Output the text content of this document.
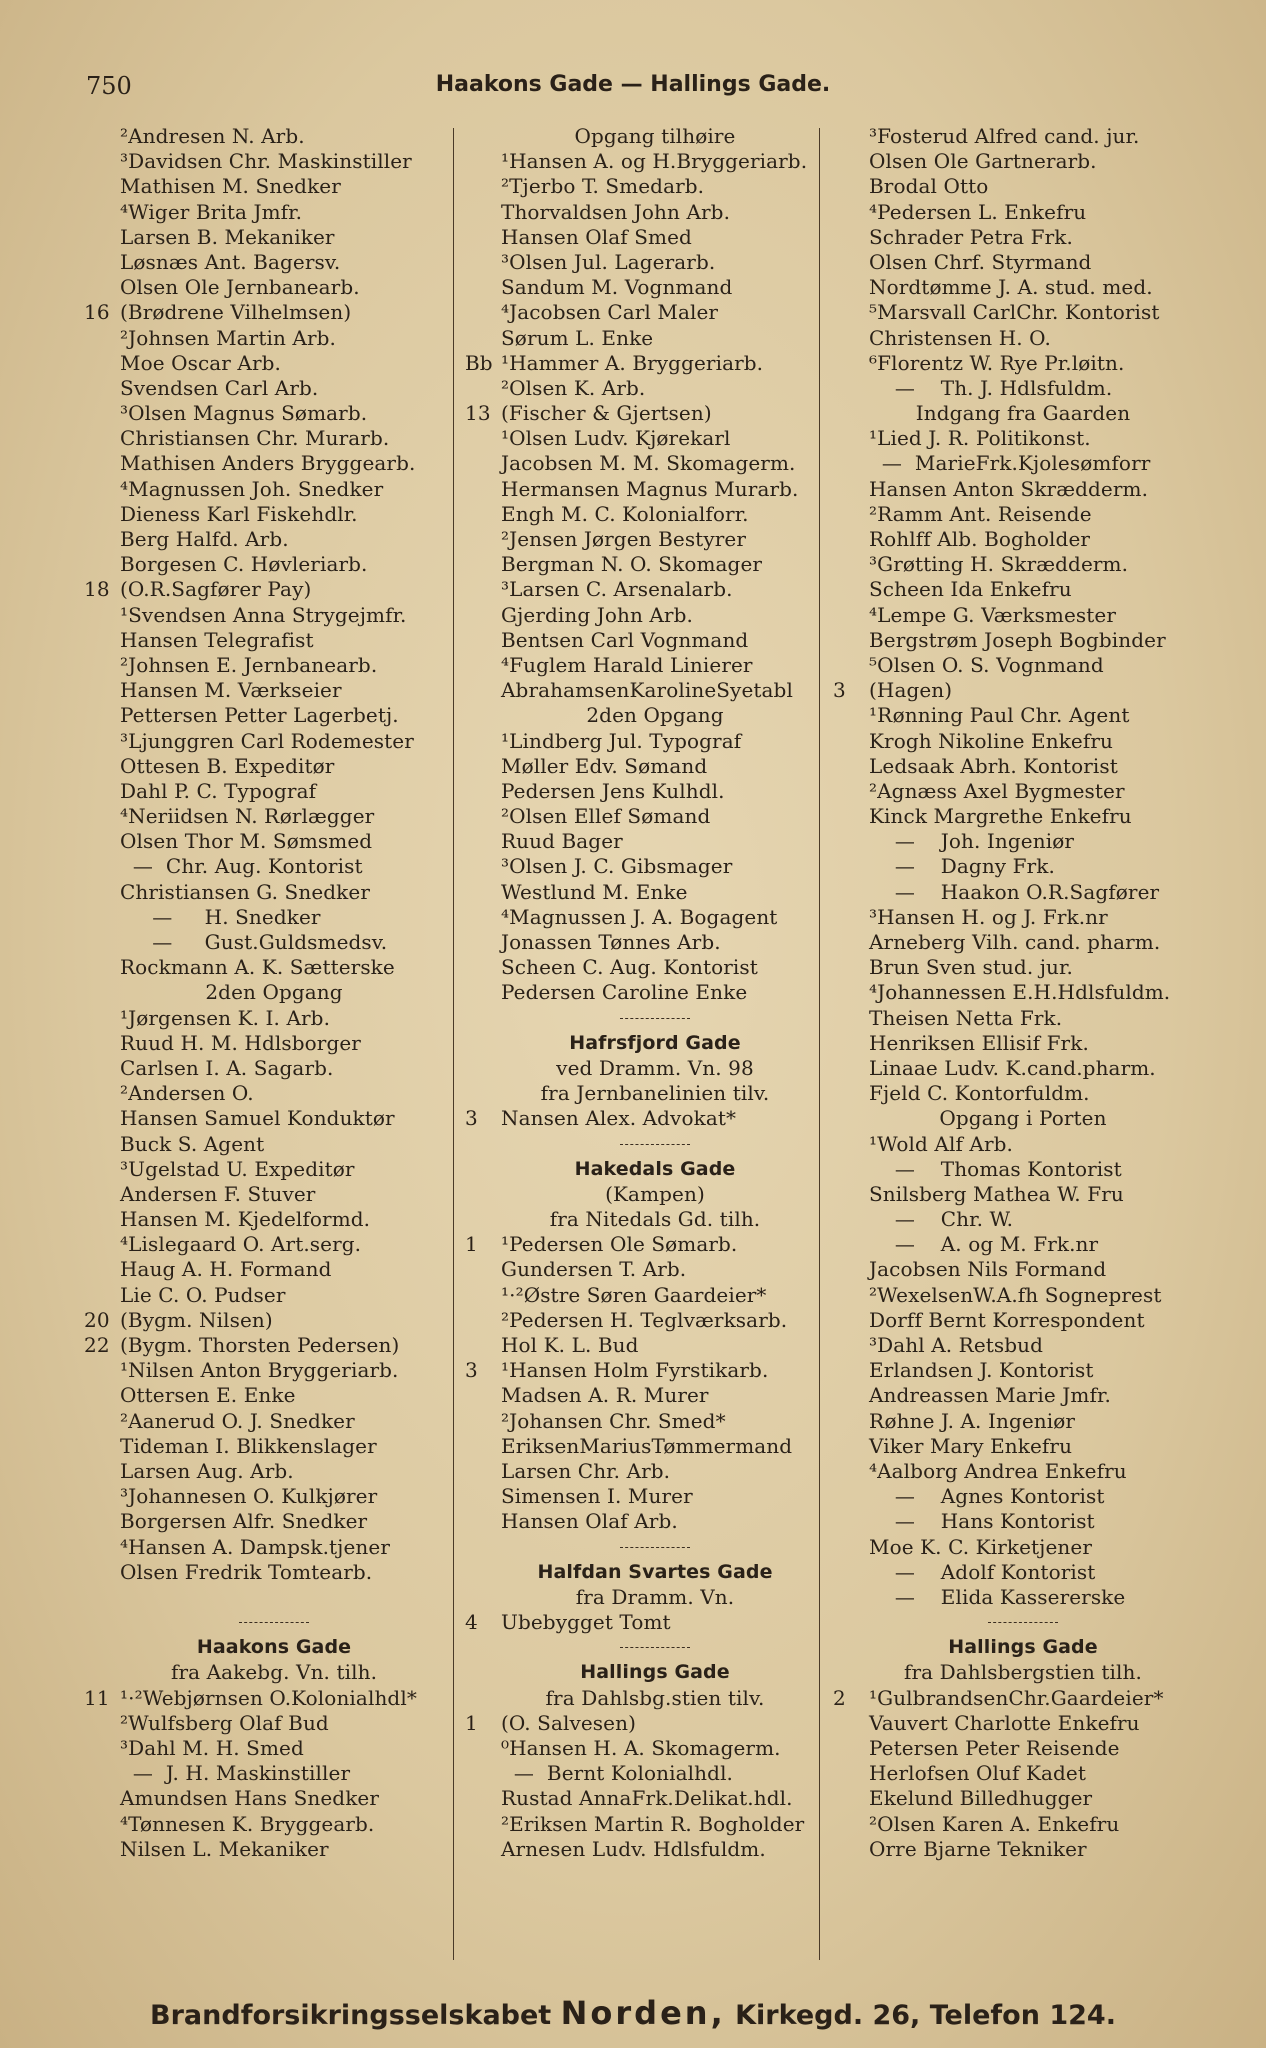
750	Haakons Gade — Hallings Gade.
²Andresen N. Arb.
³Davidsen Chr. Maskinstiller
Mathisen M. Snedker
⁴Wiger Brita Jmfr.
Larsen B. Mekaniker
Løsnæs Ant. Bagersv.
Olsen Ole Jernbanearb.
16 (Brødrene Vilhelmsen)
²Johnsen Martin Arb.
Moe Oscar Arb.
Svendsen Carl Arb.
³Olsen Magnus Sømarb.
Christiansen Chr. Murarb.
Mathisen Anders Bryggearb.
⁴Magnussen Joh. Snedker
Dieness Karl Fiskehdlr.
Berg Halfd. Arb.
Borgesen C. Høvleriarb.
18 (O.R.Sagfører Pay)
¹Svendsen Anna Strygejmfr.
Hansen Telegrafist
²Johnsen E. Jernbanearb.
Hansen M. Værkseier
Pettersen Petter Lagerbetj.
³Ljunggren Carl Rodemester
Ottesen B. Expeditør
Dahl P. C. Typograf
⁴Neriidsen N. Rørlægger
Olsen Thor M. Sømsmed
—  Chr. Aug. Kontorist
Christiansen G. Snedker
—     H. Snedker
—     Gust.Guldsmedsv.
Rockmann A. K. Sætterske
2den Opgang
¹Jørgensen K. I. Arb.
Ruud H. M. Hdlsborger
Carlsen I. A. Sagarb.
²Andersen O.
Hansen Samuel Konduktør
Buck S. Agent
³Ugelstad U. Expeditør
Andersen F. Stuver
Hansen M. Kjedelformd.
⁴Lislegaard O. Art.serg.
Haug A. H. Formand
Lie C. O. Pudser
20 (Bygm. Nilsen)
22 (Bygm. Thorsten Pedersen)
¹Nilsen Anton Bryggeriarb.
Ottersen E. Enke
²Aanerud O. J. Snedker
Tideman I. Blikkenslager
Larsen Aug. Arb.
³Johannesen O. Kulkjører
Borgersen Alfr. Snedker
⁴Hansen A. Dampsk.tjener
Olsen Fredrik Tomtearb.
Haakons Gade
fra Aakebg. Vn. tilh.
11 ¹·²Webjørnsen O.Kolonialhdl*
²Wulfsberg Olaf Bud
³Dahl M. H. Smed
—  J. H. Maskinstiller
Amundsen Hans Snedker
⁴Tønnesen K. Bryggearb.
Nilsen L. Mekaniker
Opgang tilhøire
¹Hansen A. og H.Bryggeriarb.
²Tjerbo T. Smedarb.
Thorvaldsen John Arb.
Hansen Olaf Smed
³Olsen Jul. Lagerarb.
Sandum M. Vognmand
⁴Jacobsen Carl Maler
Sørum L. Enke
Bb ¹Hammer A. Bryggeriarb.
²Olsen K. Arb.
13 (Fischer & Gjertsen)
¹Olsen Ludv. Kjørekarl
Jacobsen M. M. Skomagerm.
Hermansen Magnus Murarb.
Engh M. C. Kolonialforr.
²Jensen Jørgen Bestyrer
Bergman N. O. Skomager
³Larsen C. Arsenalarb.
Gjerding John Arb.
Bentsen Carl Vognmand
⁴Fuglem Harald Linierer
AbrahamsenKarolineSyetabl
2den Opgang
¹Lindberg Jul. Typograf
Møller Edv. Sømand
Pedersen Jens Kulhdl.
²Olsen Ellef Sømand
Ruud Bager
³Olsen J. C. Gibsmager
Westlund M. Enke
⁴Magnussen J. A. Bogagent
Jonassen Tønnes Arb.
Scheen C. Aug. Kontorist
Pedersen Caroline Enke
Hafrsfjord Gade
ved Dramm. Vn. 98
fra Jernbanelinien tilv.
3 Nansen Alex. Advokat*
Hakedals Gade
(Kampen)
fra Nitedals Gd. tilh.
1 ¹Pedersen Ole Sømarb.
Gundersen T. Arb.
¹·²Østre Søren Gaardeier*
²Pedersen H. Teglværksarb.
Hol K. L. Bud
3 ¹Hansen Holm Fyrstikarb.
Madsen A. R. Murer
²Johansen Chr. Smed*
EriksenMariusTømmermand
Larsen Chr. Arb.
Simensen I. Murer
Hansen Olaf Arb.
Halfdan Svartes Gade
fra Dramm. Vn.
4 Ubebygget Tomt
Hallings Gade
fra Dahlsbg.stien tilv.
1 (O. Salvesen)
⁰Hansen H. A. Skomagerm.
—  Bernt Kolonialhdl.
Rustad AnnaFrk.Delikat.hdl.
²Eriksen Martin R. Bogholder
Arnesen Ludv. Hdlsfuldm.
³Fosterud Alfred cand. jur.
Olsen Ole Gartnerarb.
Brodal Otto
⁴Pedersen L. Enkefru
Schrader Petra Frk.
Olsen Chrf. Styrmand
Nordtømme J. A. stud. med.
⁵Marsvall CarlChr. Kontorist
Christensen H. O.
⁶Florentz W. Rye Pr.løitn.
—    Th. J. Hdlsfuldm.
Indgang fra Gaarden
¹Lied J. R. Politikonst.
—  MarieFrk.Kjolesømforr
Hansen Anton Skrædderm.
²Ramm Ant. Reisende
Rohlff Alb. Bogholder
³Grøtting H. Skrædderm.
Scheen Ida Enkefru
⁴Lempe G. Værksmester
Bergstrøm Joseph Bogbinder
⁵Olsen O. S. Vognmand
3 (Hagen)
¹Rønning Paul Chr. Agent
Krogh Nikoline Enkefru
Ledsaak Abrh. Kontorist
²Agnæss Axel Bygmester
Kinck Margrethe Enkefru
—    Joh. Ingeniør
—    Dagny Frk.
—    Haakon O.R.Sagfører
³Hansen H. og J. Frk.nr
Arneberg Vilh. cand. pharm.
Brun Sven stud. jur.
⁴Johannessen E.H.Hdlsfuldm.
Theisen Netta Frk.
Henriksen Ellisif Frk.
Linaae Ludv. K.cand.pharm.
Fjeld C. Kontorfuldm.
Opgang i Porten
¹Wold Alf Arb.
—    Thomas Kontorist
Snilsberg Mathea W. Fru
—    Chr. W.
—    A. og M. Frk.nr
Jacobsen Nils Formand
²WexelsenW.A.fh Sogneprest
Dorff Bernt Korrespondent
³Dahl A. Retsbud
Erlandsen J. Kontorist
Andreassen Marie Jmfr.
Røhne J. A. Ingeniør
Viker Mary Enkefru
⁴Aalborg Andrea Enkefru
—    Agnes Kontorist
—    Hans Kontorist
Moe K. C. Kirketjener
—    Adolf Kontorist
—    Elida Kassererske
Hallings Gade
fra Dahlsbergstien tilh.
2 ¹GulbrandsenChr.Gaardeier*
Vauvert Charlotte Enkefru
Petersen Peter Reisende
Herlofsen Oluf Kadet
Ekelund Billedhugger
²Olsen Karen A. Enkefru
Orre Bjarne Tekniker
Brandforsikringsselskabet Norden, Kirkegd. 26, Telefon 124.
